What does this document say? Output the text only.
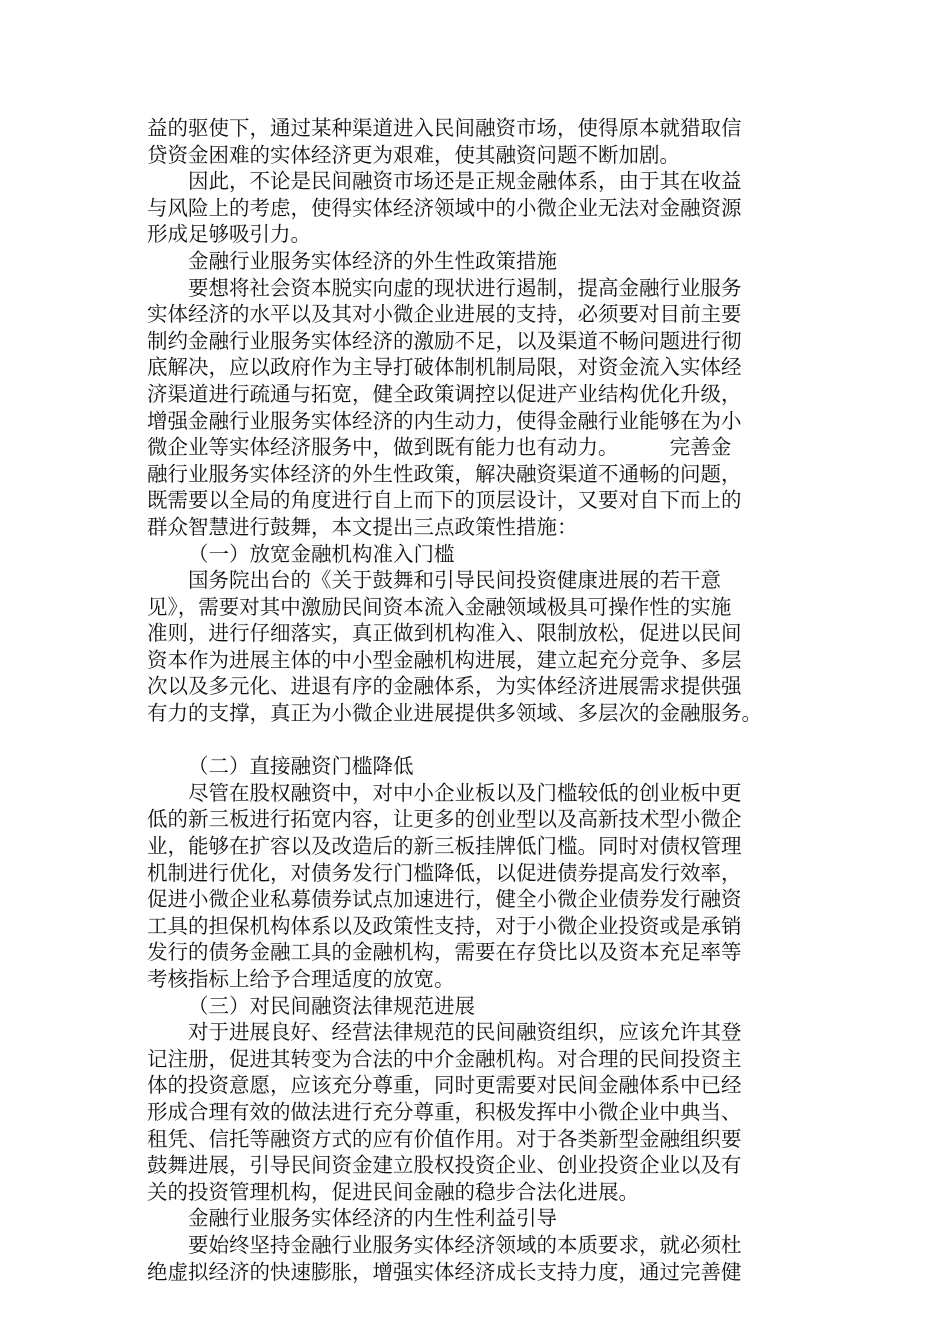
益的驱使下，通过某种渠道进入民间融资市场，使得原本就猎取信
贷资金困难的实体经济更为艰难，使其融资问题不断加剧。
因此，不论是民间融资市场还是正规金融体系，由于其在收益
与风险上的考虑，使得实体经济领域中的小微企业无法对金融资源
形成足够吸引力。
金融行业服务实体经济的外生性政策措施
要想将社会资本脱实向虚的现状进行遏制，提高金融行业服务
实体经济的水平以及其对小微企业进展的支持，必须要对目前主要
制约金融行业服务实体经济的激励不足，以及渠道不畅问题进行彻
底解决，应以政府作为主导打破体制机制局限，对资金流入实体经
济渠道进行疏通与拓宽，健全政策调控以促进产业结构优化升级，
增强金融行业服务实体经济的内生动力，使得金融行业能够在为小
微企业等实体经济服务中，做到既有能力也有动力。　　　完善金
融行业服务实体经济的外生性政策，解决融资渠道不通畅的问题，
既需要以全局的角度进行自上而下的顶层设计，又要对自下而上的
群众智慧进行鼓舞，本文提出三点政策性措施：
（一）放宽金融机构准入门槛
国务院出台的《关于鼓舞和引导民间投资健康进展的若干意
见》，需要对其中激励民间资本流入金融领域极具可操作性的实施
准则，进行仔细落实，真正做到机构准入、限制放松，促进以民间
资本作为进展主体的中小型金融机构进展，建立起充分竞争、多层
次以及多元化、进退有序的金融体系，为实体经济进展需求提供强
有力的支撑，真正为小微企业进展提供多领域、多层次的金融服务。
（二）直接融资门槛降低
尽管在股权融资中，对中小企业板以及门槛较低的创业板中更
低的新三板进行拓宽内容，让更多的创业型以及高新技术型小微企
业，能够在扩容以及改造后的新三板挂牌低门槛。同时对债权管理
机制进行优化，对债务发行门槛降低，以促进债券提高发行效率，
促进小微企业私募债券试点加速进行，健全小微企业债券发行融资
工具的担保机构体系以及政策性支持，对于小微企业投资或是承销
发行的债务金融工具的金融机构，需要在存贷比以及资本充足率等
考核指标上给予合理适度的放宽。
（三）对民间融资法律规范进展
对于进展良好、经营法律规范的民间融资组织，应该允许其登
记注册，促进其转变为合法的中介金融机构。对合理的民间投资主
体的投资意愿，应该充分尊重，同时更需要对民间金融体系中已经
形成合理有效的做法进行充分尊重，积极发挥中小微企业中典当、
租凭、信托等融资方式的应有价值作用。对于各类新型金融组织要
鼓舞进展，引导民间资金建立股权投资企业、创业投资企业以及有
关的投资管理机构，促进民间金融的稳步合法化进展。
金融行业服务实体经济的内生性利益引导
要始终坚持金融行业服务实体经济领域的本质要求，就必须杜
绝虚拟经济的快速膨胀，增强实体经济成长支持力度，通过完善健
